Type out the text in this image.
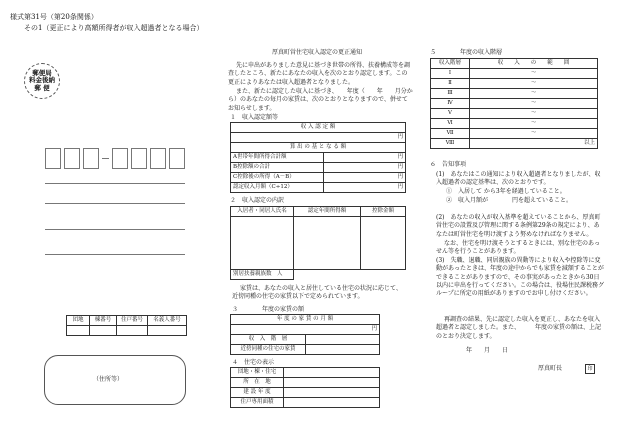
様式第31号（第20条関係）
その1（更正により高額所得者が収入超過者となる場合）
郵便局
料金後納
郵 便
団地	棟番号	住戸番号	名義人番号

（住所等）
厚真町営住宅収入認定の更正通知
先に申出がありました意見に基づき世帯の所得、扶養構成等を調査したところ、新たにあなたの収入を次のとおり認定します。この更正によりあなたは収入超過者となりました。
また、新たに認定した収入に基づき、　　年度（　　年　　月分から）のあなたの毎月の家賃は、次のとおりとなりますので、併せてお知らせします。
１　収入認定額等
収 入 認 定 額	
円	
算 出 の 基 と な る 額	
A世帯年間所得合計額	円
B控除額の合計	円
C控除後の所得（A－B）	円
認定収入月額（C÷12）	円
２　収入認定の内訳
入居者・同居人氏名	認定年間所得額	控除金額

別居扶養親族数　人		
家賃は、あなたの収入と居住している住宅の状況に応じて、近傍同種の住宅の家賃以下で定められています。
３　　　　年度の家賃の額
年 度 の 家 賃 の 月 額	
円	
収　入　階　層	
近傍同種の住宅の家賃	
４　住宅の表示
団地・棟・住宅	
所　在　地	
建 設 年 度	
住戸専用面積	
５　　　　年度の収入階層
収入階層	収　　入　　の　　範　　囲
Ⅰ	～
Ⅱ	～
Ⅲ	～
Ⅳ	～
Ⅴ	～
Ⅵ	～
Ⅶ	～
Ⅷ	以上
６　告知事項
(1)　あなたはこの通知により収入超過者となりましたが、収入超過者の認定基準は、次のとおりです。
①　入居して から3年を経過していること。
②　収入月額が　　　　円を超えていること。
(2)　あなたの収入が収入基準を超えていることから、厚真町営住宅の設置及び管理に関する条例第29条の規定により、あなたは町営住宅を明け渡すよう努めなければなりません。
なお、住宅を明け渡そうとするときには、別な住宅のあっせん等を行うことがあります。
(3)　失職、退職、同居親族の異動等により収入や控除等に変動があったときは、年度の途中からでも家賃を減額することができることがありますので、その事実があったときから30日以内に申出を行ってください。この場合は、役場住民課税務グループに所定の用紙がありますのでお申し付けください。
再調査の結果、先に認定した収入を更正し、あなたを収入超過者と認定しました。また、　　　年度の家賃の額は、上記のとおり決定します。
年　　月　　日
厚真町長	印
